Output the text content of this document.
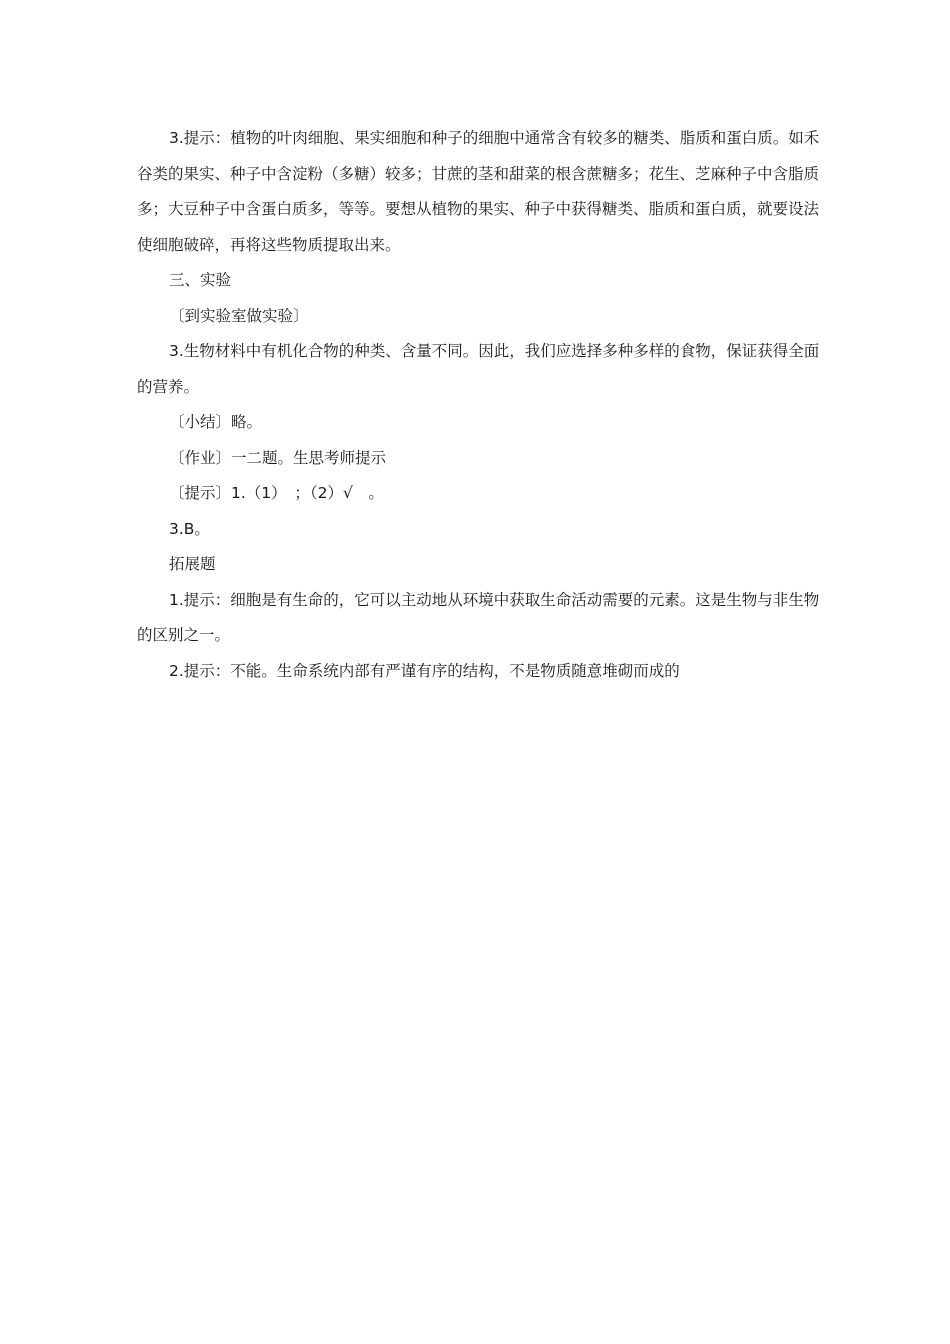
3.提示：植物的叶肉细胞、果实细胞和种子的细胞中通常含有较多的糖类、脂质和蛋白质。如禾谷类的果实、种子中含淀粉（多糖）较多；甘蔗的茎和甜菜的根含蔗糖多；花生、芝麻种子中含脂质多；大豆种子中含蛋白质多，等等。要想从植物的果实、种子中获得糖类、脂质和蛋白质，就要设法使细胞破碎，再将这些物质提取出来。

三、实验

〔到实验室做实验〕

3.生物材料中有机化合物的种类、含量不同。因此，我们应选择多种多样的食物，保证获得全面的营养。

〔小结〕略。

〔作业〕一二题。生思考师提示

〔提示〕1.（1）　；（2）√　。

3.B。

拓展题

1.提示：细胞是有生命的，它可以主动地从环境中获取生命活动需要的元素。这是生物与非生物的区别之一。

2.提示：不能。生命系统内部有严谨有序的结构，不是物质随意堆砌而成的
